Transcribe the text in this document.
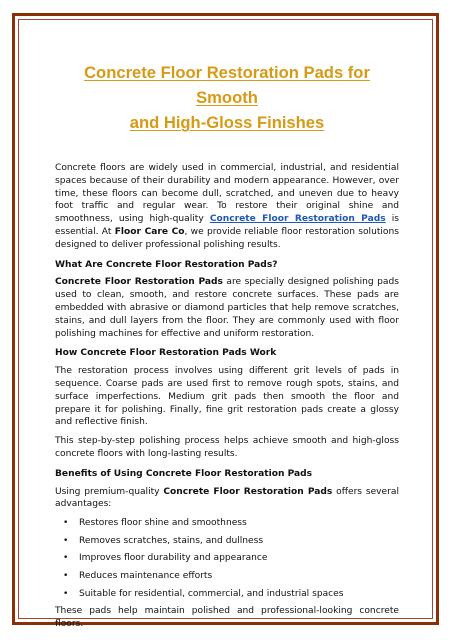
Concrete Floor Restoration Pads for Smooth
and High-Gloss Finishes

Concrete floors are widely used in commercial, industrial, and residential spaces because of their durability and modern appearance. However, over time, these floors can become dull, scratched, and uneven due to heavy foot traffic and regular wear. To restore their original shine and smoothness, using high-quality Concrete Floor Restoration Pads is essential. At Floor Care Co, we provide reliable floor restoration solutions designed to deliver professional polishing results.

What Are Concrete Floor Restoration Pads?

Concrete Floor Restoration Pads are specially designed polishing pads used to clean, smooth, and restore concrete surfaces. These pads are embedded with abrasive or diamond particles that help remove scratches, stains, and dull layers from the floor. They are commonly used with floor polishing machines for effective and uniform restoration.

How Concrete Floor Restoration Pads Work

The restoration process involves using different grit levels of pads in sequence. Coarse pads are used first to remove rough spots, stains, and surface imperfections. Medium grit pads then smooth the floor and prepare it for polishing. Finally, fine grit restoration pads create a glossy and reflective finish.

This step-by-step polishing process helps achieve smooth and high-gloss concrete floors with long-lasting results.

Benefits of Using Concrete Floor Restoration Pads

Using premium-quality Concrete Floor Restoration Pads offers several advantages:

• Restores floor shine and smoothness
• Removes scratches, stains, and dullness
• Improves floor durability and appearance
• Reduces maintenance efforts
• Suitable for residential, commercial, and industrial spaces

These pads help maintain polished and professional-looking concrete floors.
